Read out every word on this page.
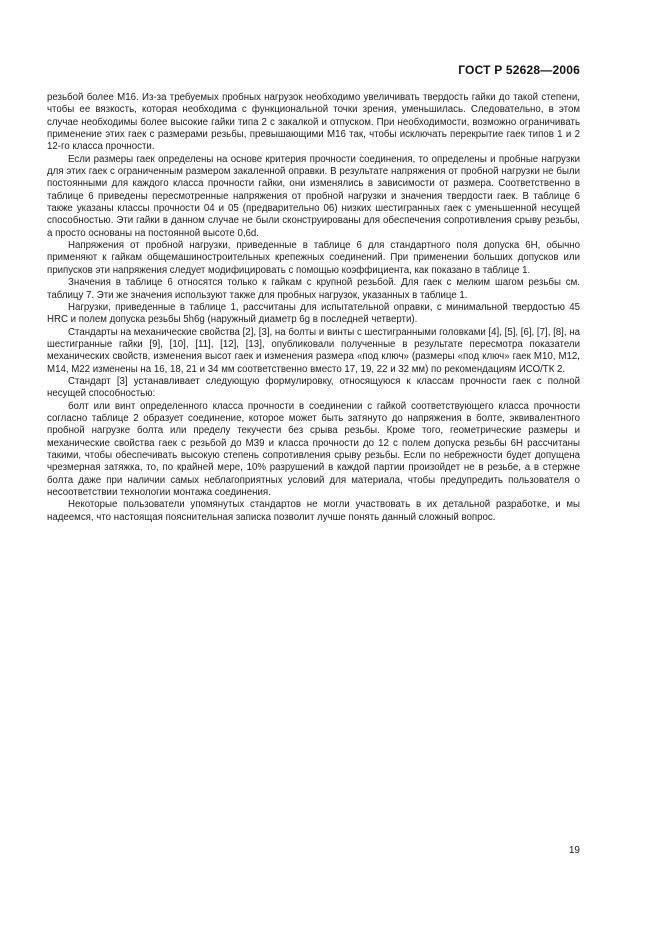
ГОСТ Р 52628—2006

резьбой более М16. Из-за требуемых пробных нагрузок необходимо увеличивать твердость гайки до такой степени, чтобы ее вязкость, которая необходима с функциональной точки зрения, уменьшилась. Следовательно, в этом случае необходимы более высокие гайки типа 2 с закалкой и отпуском. При необходимости, возможно ограничивать применение этих гаек с размерами резьбы, превышающими М16 так, чтобы исключать перекрытие гаек типов 1 и 2 12-го класса прочности.

Если размеры гаек определены на основе критерия прочности соединения, то определены и пробные нагрузки для этих гаек с ограниченным размером закаленной оправки. В результате напряжения от пробной нагрузки не были постоянными для каждого класса прочности гайки, они изменялись в зависимости от размера. Соответственно в таблице 6 приведены пересмотренные напряжения от пробной нагрузки и значения твердости гаек. В таблице 6 также указаны классы прочности 04 и 05 (предварительно 06) низких шестигранных гаек с уменьшенной несущей способностью. Эти гайки в данном случае не были сконструированы для обеспечения сопротивления срыву резьбы, а просто основаны на постоянной высоте 0,6d.

Напряжения от пробной нагрузки, приведенные в таблице 6 для стандартного поля допуска 6Н, обычно применяют к гайкам общемашиностроительных крепежных соединений. При применении больших допусков или припусков эти напряжения следует модифицировать с помощью коэффициента, как показано в таблице 1.

Значения в таблице 6 относятся только к гайкам с крупной резьбой. Для гаек с мелким шагом резьбы см. таблицу 7. Эти же значения используют также для пробных нагрузок, указанных в таблице 1.

Нагрузки, приведенные в таблице 1, рассчитаны для испытательной оправки, с минимальной твердостью 45 HRC и полем допуска резьбы 5h6g (наружный диаметр 6g в последней четверти).

Стандарты на механические свойства [2], [3], на болты и винты с шестигранными головками [4], [5], [6], [7], [8], на шестигранные гайки [9], [10], [11], [12], [13], опубликовали полученные в результате пересмотра показатели механических свойств, изменения высот гаек и изменения размера «под ключ» (размеры «под ключ» гаек М10, М12, М14, М22 изменены на 16, 18, 21 и 34 мм соответственно вместо 17, 19, 22 и 32 мм) по рекомендациям ИСО/ТК 2.

Стандарт [3] устанавливает следующую формулировку, относящуюся к классам прочности гаек с полной несущей способностью:

болт или винт определенного класса прочности в соединении с гайкой соответствующего класса прочности согласно таблице 2 образует соединение, которое может быть затянуто до напряжения в болте, эквивалентного пробной нагрузке болта или пределу текучести без срыва резьбы. Кроме того, геометрические размеры и механические свойства гаек с резьбой до М39 и класса прочности до 12 с полем допуска резьбы 6Н рассчитаны такими, чтобы обеспечивать высокую степень сопротивления срыву резьбы. Если по небрежности будет допущена чрезмерная затяжка, то, по крайней мере, 10% разрушений в каждой партии произойдет не в резьбе, а в стержне болта даже при наличии самых неблагоприятных условий для материала, чтобы предупредить пользователя о несоответствии технологии монтажа соединения.

Некоторые пользователи упомянутых стандартов не могли участвовать в их детальной разработке, и мы надеемся, что настоящая пояснительная записка позволит лучше понять данный сложный вопрос.

19
